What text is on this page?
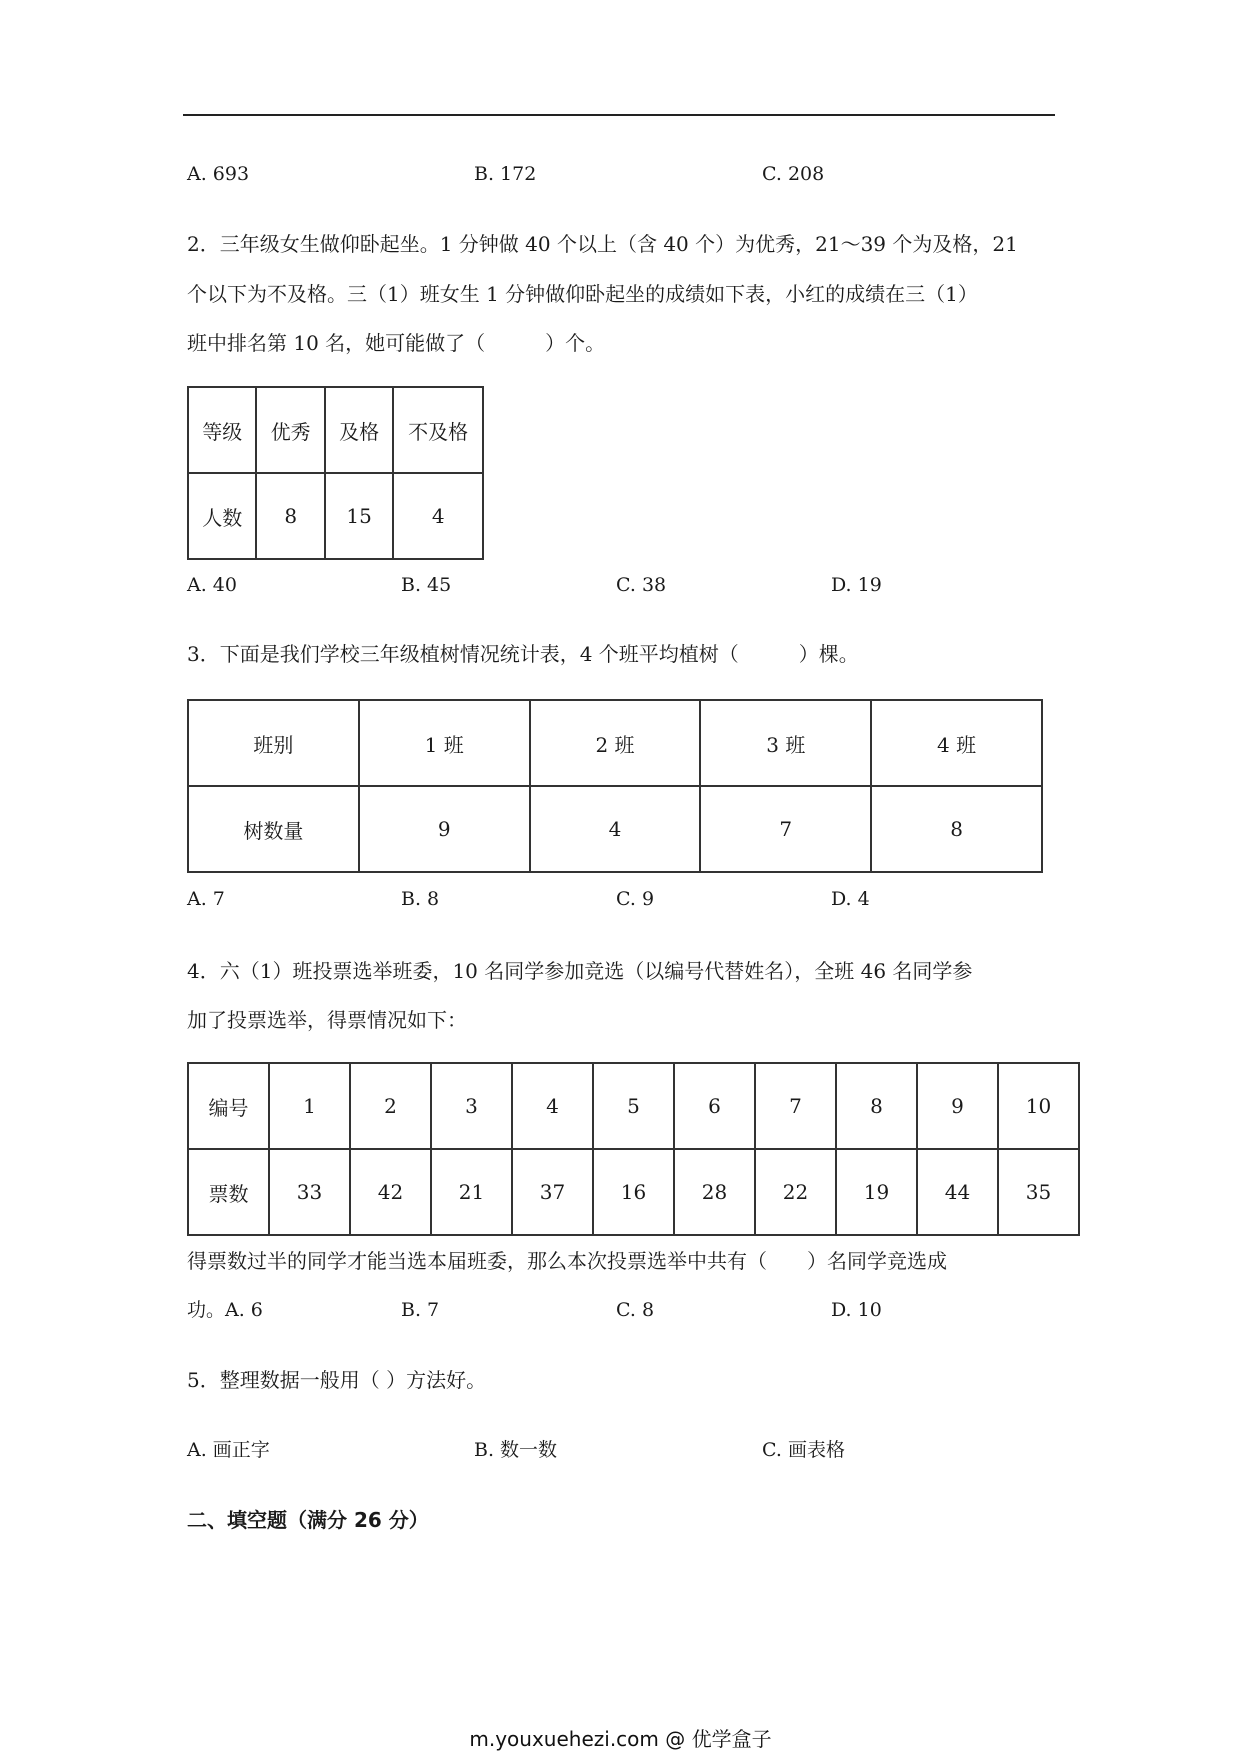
A. 693	B. 172	C. 208
2．三年级女生做仰卧起坐。1 分钟做 40 个以上（含 40 个）为优秀，21～39 个为及格，21
个以下为不及格。三（1）班女生 1 分钟做仰卧起坐的成绩如下表，小红的成绩在三（1）
班中排名第 10 名，她可能做了（　　　）个。
等级	优秀	及格	不及格
人数	8	15	4
A. 40	B. 45	C. 38	D. 19
3．下面是我们学校三年级植树情况统计表，4 个班平均植树（　　　）棵。
班别	1 班	2 班	3 班	4 班
树数量	9	4	7	8
A. 7	B. 8	C. 9	D. 4
4．六（1）班投票选举班委，10 名同学参加竞选（以编号代替姓名），全班 46 名同学参
加了投票选举，得票情况如下：
编号	1	2	3	4	5	6	7	8	9	10
票数	33	42	21	37	16	28	22	19	44	35
得票数过半的同学才能当选本届班委，那么本次投票选举中共有（　　）名同学竞选成
功。A. 6	B. 7	C. 8	D. 10
5．整理数据一般用（ ）方法好。
A. 画正字	B. 数一数	C. 画表格
二、填空题（满分 26 分）
m.youxuehezi.com @ 优学盒子
